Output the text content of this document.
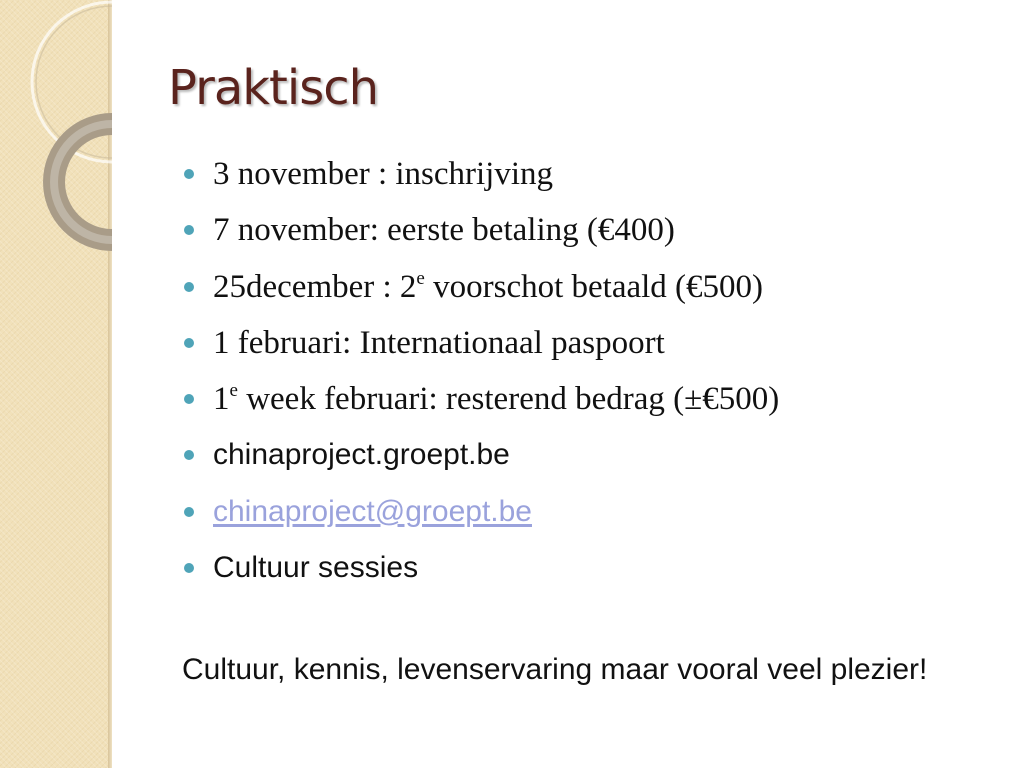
Praktisch
3 november : inschrijving
7 november: eerste betaling (€400)
25december : 2e voorschot betaald (€500)
1 februari: Internationaal paspoort
1e week februari: resterend bedrag (±€500)
chinaproject.groept.be
chinaproject@groept.be
Cultuur sessies

Cultuur, kennis, levenservaring maar vooral veel plezier!
